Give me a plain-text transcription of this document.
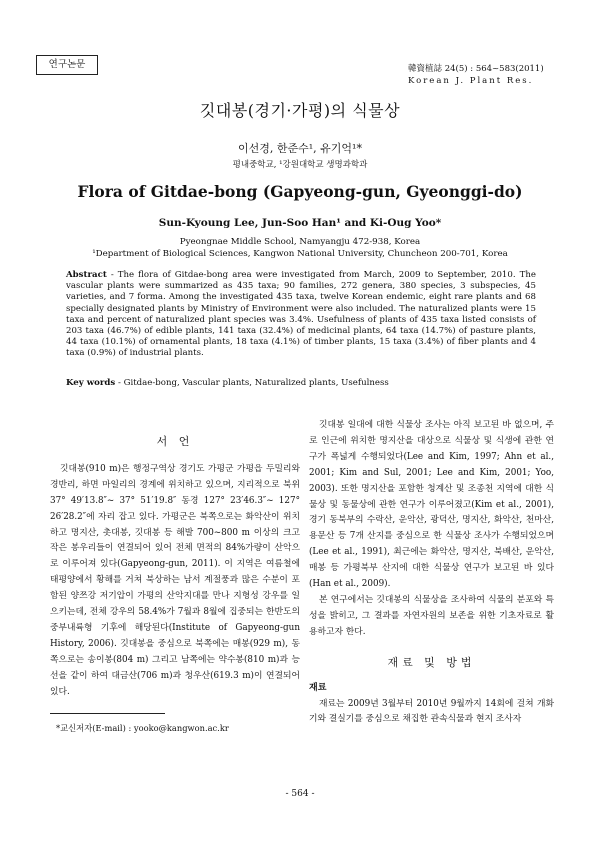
연구논문	韓資植誌 24(5) : 564~583(2011)
Korean J. Plant Res.
깃대봉(경기·가평)의 식물상
이선경, 한준수¹, 유기억¹*
평내중학교, ¹강원대학교 생명과학과
Flora of Gitdae-bong (Gapyeong-gun, Gyeonggi-do)
Sun-Kyoung Lee, Jun-Soo Han¹ and Ki-Oug Yoo*
Pyeongnae Middle School, Namyangju 472-938, Korea
¹Department of Biological Sciences, Kangwon National University, Chuncheon 200-701, Korea
Abstract - The flora of Gitdae-bong area were investigated from March, 2009 to September, 2010. The vascular plants were summarized as 435 taxa; 90 families, 272 genera, 380 species, 3 subspecies, 45 varieties, and 7 forma. Among the investigated 435 taxa, twelve Korean endemic, eight rare plants and 68 specially designated plants by Ministry of Environment were also included. The naturalized plants were 15 taxa and percent of naturalized plant species was 3.4%. Usefulness of plants of 435 taxa listed consists of 203 taxa (46.7%) of edible plants, 141 taxa (32.4%) of medicinal plants, 64 taxa (14.7%) of pasture plants, 44 taxa (10.1%) of ornamental plants, 18 taxa (4.1%) of timber plants, 15 taxa (3.4%) of fiber plants and 4 taxa (0.9%) of industrial plants.
Key words - Gitdae-bong, Vascular plants, Naturalized plants, Usefulness
서 언

깃대봉(910 m)은 행정구역상 경기도 가평군 가평읍 두밀리와 경반리, 하면 마일리의 경계에 위치하고 있으며, 지리적으로 북위 37° 49′13.8″~ 37° 51′19.8″ 동경 127° 23′46.3″~ 127° 26′28.2″에 자리 잡고 있다. 가평군은 북쪽으로는 화악산이 위치하고 명지산, 촛대봉, 깃대봉 등 해발 700~800 m 이상의 크고 작은 봉우리들이 연결되어 있어 전체 면적의 84%가량이 산악으로 이루어져 있다(Gapyeong-gun, 2011). 이 지역은 여름철에 태평양에서 황해를 거쳐 북상하는 남서 계절풍과 많은 수분이 포함된 양쯔강 저기압이 가평의 산악지대를 만나 지형성 강우를 일으키는데, 전체 강우의 58.4%가 7월과 8월에 집중되는 한반도의 중부내륙형 기후에 해당된다(Institute of Gapyeong-gun History, 2006). 깃대봉을 중심으로 북쪽에는 매봉(929 m), 동쪽으로는 송이봉(804 m) 그리고 남쪽에는 약수봉(810 m)과 능선을 같이 하여 대금산(706 m)과 청우산(619.3 m)이 연결되어 있다.

깃대봉 일대에 대한 식물상 조사는 아직 보고된 바 없으며, 주로 인근에 위치한 명지산을 대상으로 식물상 및 식생에 관한 연구가 폭넓게 수행되었다(Lee and Kim, 1997; Ahn et al., 2001; Kim and Sul, 2001; Lee and Kim, 2001; Yoo, 2003). 또한 명지산을 포함한 청계산 및 조종천 지역에 대한 식물상 및 동물상에 관한 연구가 이루어졌고(Kim et al., 2001), 경기 동북부의 수락산, 운악산, 광덕산, 명지산, 화악산, 천마산, 용문산 등 7개 산지를 중심으로 한 식물상 조사가 수행되었으며(Lee et al., 1991), 최근에는 화악산, 명지산, 북배산, 운악산, 매봉 등 가평북부 산지에 대한 식물상 연구가 보고된 바 있다(Han et al., 2009).

본 연구에서는 깃대봉의 식물상을 조사하여 식물의 분포와 특성을 밝히고, 그 결과를 자연자원의 보존을 위한 기초자료로 활용하고자 한다.

재료 및 방법

재료

재료는 2009년 3월부터 2010년 9월까지 14회에 걸쳐 개화기와 결실기를 중심으로 채집한 관속식물과 현지 조사자

*교신저자(E-mail) : yooko@kangwon.ac.kr
- 564 -
